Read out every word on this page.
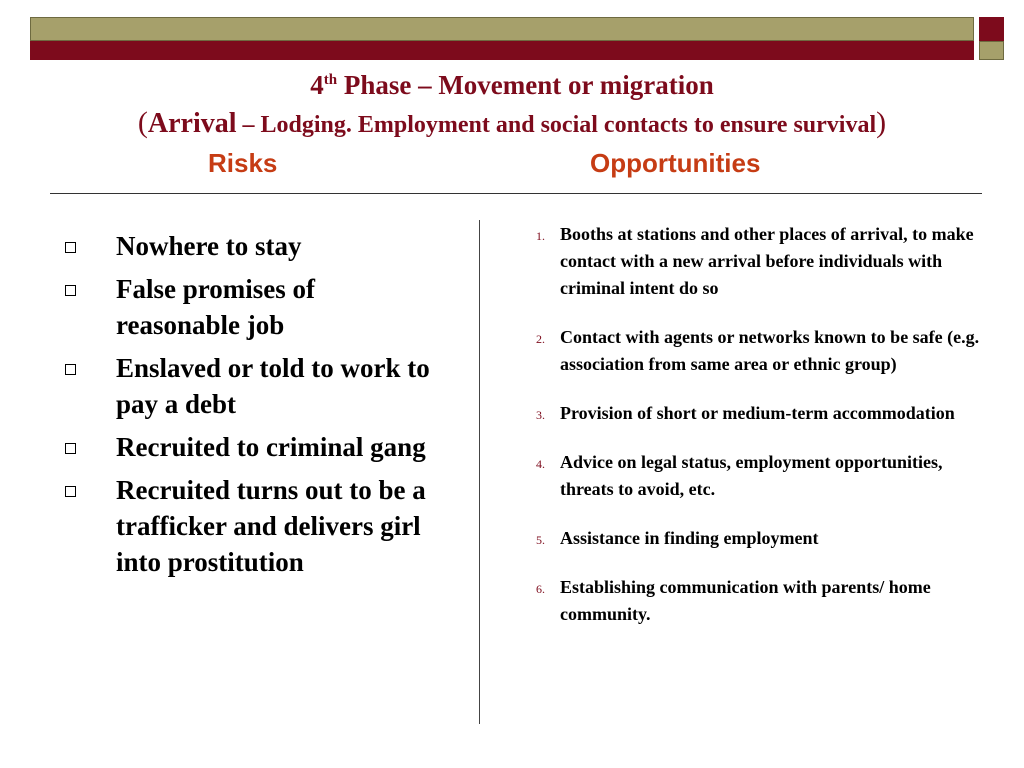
4th Phase – Movement or migration
(Arrival – Lodging. Employment and social contacts to ensure survival)
Risks	Opportunities
Nowhere to stay
False promises of reasonable job
Enslaved or told to work to pay a debt
Recruited to criminal gang
Recruited turns out to be a trafficker and delivers girl into prostitution
1. Booths at stations and other places of arrival, to make contact with a new arrival before individuals with criminal intent do so
2. Contact with agents or networks known to be safe (e.g. association from same area or ethnic group)
3. Provision of short or medium-term accommodation
4. Advice on legal status, employment opportunities, threats to avoid, etc.
5. Assistance in finding employment
6. Establishing communication with parents/ home community.
